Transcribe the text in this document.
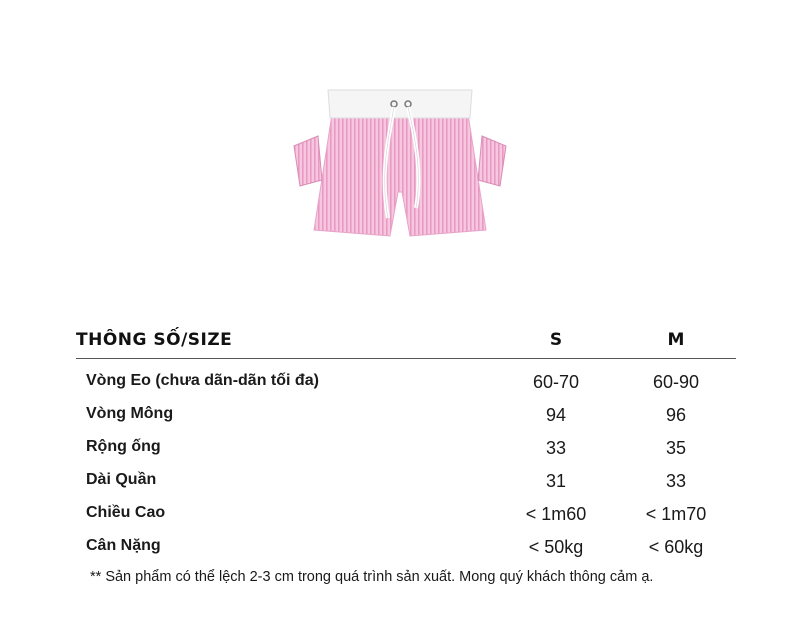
THÔNG SỐ/SIZE	S	M
Vòng Eo (chưa dãn-dãn tối đa)	60-70	60-90
Vòng Mông	94	96
Rộng ống	33	35
Dài Quần	31	33
Chiều Cao	< 1m60	< 1m70
Cân Nặng	< 50kg	< 60kg
** Sản phẩm có thể lệch 2-3 cm trong quá trình sản xuất. Mong quý khách thông cảm ạ.
